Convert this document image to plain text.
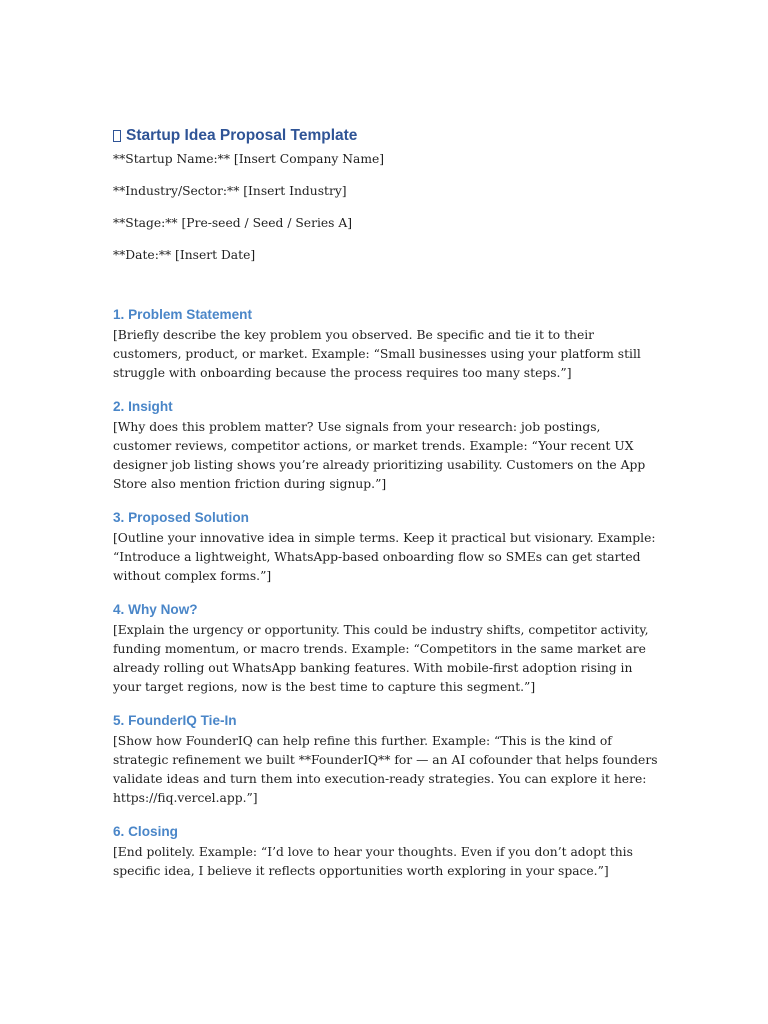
Startup Idea Proposal Template

**Startup Name:** [Insert Company Name]

**Industry/Sector:** [Insert Industry]

**Stage:** [Pre-seed / Seed / Series A]

**Date:** [Insert Date]

1. Problem Statement

[Briefly describe the key problem you observed. Be specific and tie it to their customers, product, or market. Example: “Small businesses using your platform still struggle with onboarding because the process requires too many steps.”]

2. Insight

[Why does this problem matter? Use signals from your research: job postings, customer reviews, competitor actions, or market trends. Example: “Your recent UX designer job listing shows you’re already prioritizing usability. Customers on the App Store also mention friction during signup.”]

3. Proposed Solution

[Outline your innovative idea in simple terms. Keep it practical but visionary. Example: “Introduce a lightweight, WhatsApp-based onboarding flow so SMEs can get started without complex forms.”]

4. Why Now?

[Explain the urgency or opportunity. This could be industry shifts, competitor activity, funding momentum, or macro trends. Example: “Competitors in the same market are already rolling out WhatsApp banking features. With mobile-first adoption rising in your target regions, now is the best time to capture this segment.”]

5. FounderIQ Tie-In

[Show how FounderIQ can help refine this further. Example: “This is the kind of strategic refinement we built **FounderIQ** for — an AI cofounder that helps founders validate ideas and turn them into execution-ready strategies. You can explore it here: https://fiq.vercel.app.”]

6. Closing

[End politely. Example: “I’d love to hear your thoughts. Even if you don’t adopt this specific idea, I believe it reflects opportunities worth exploring in your space.”]
